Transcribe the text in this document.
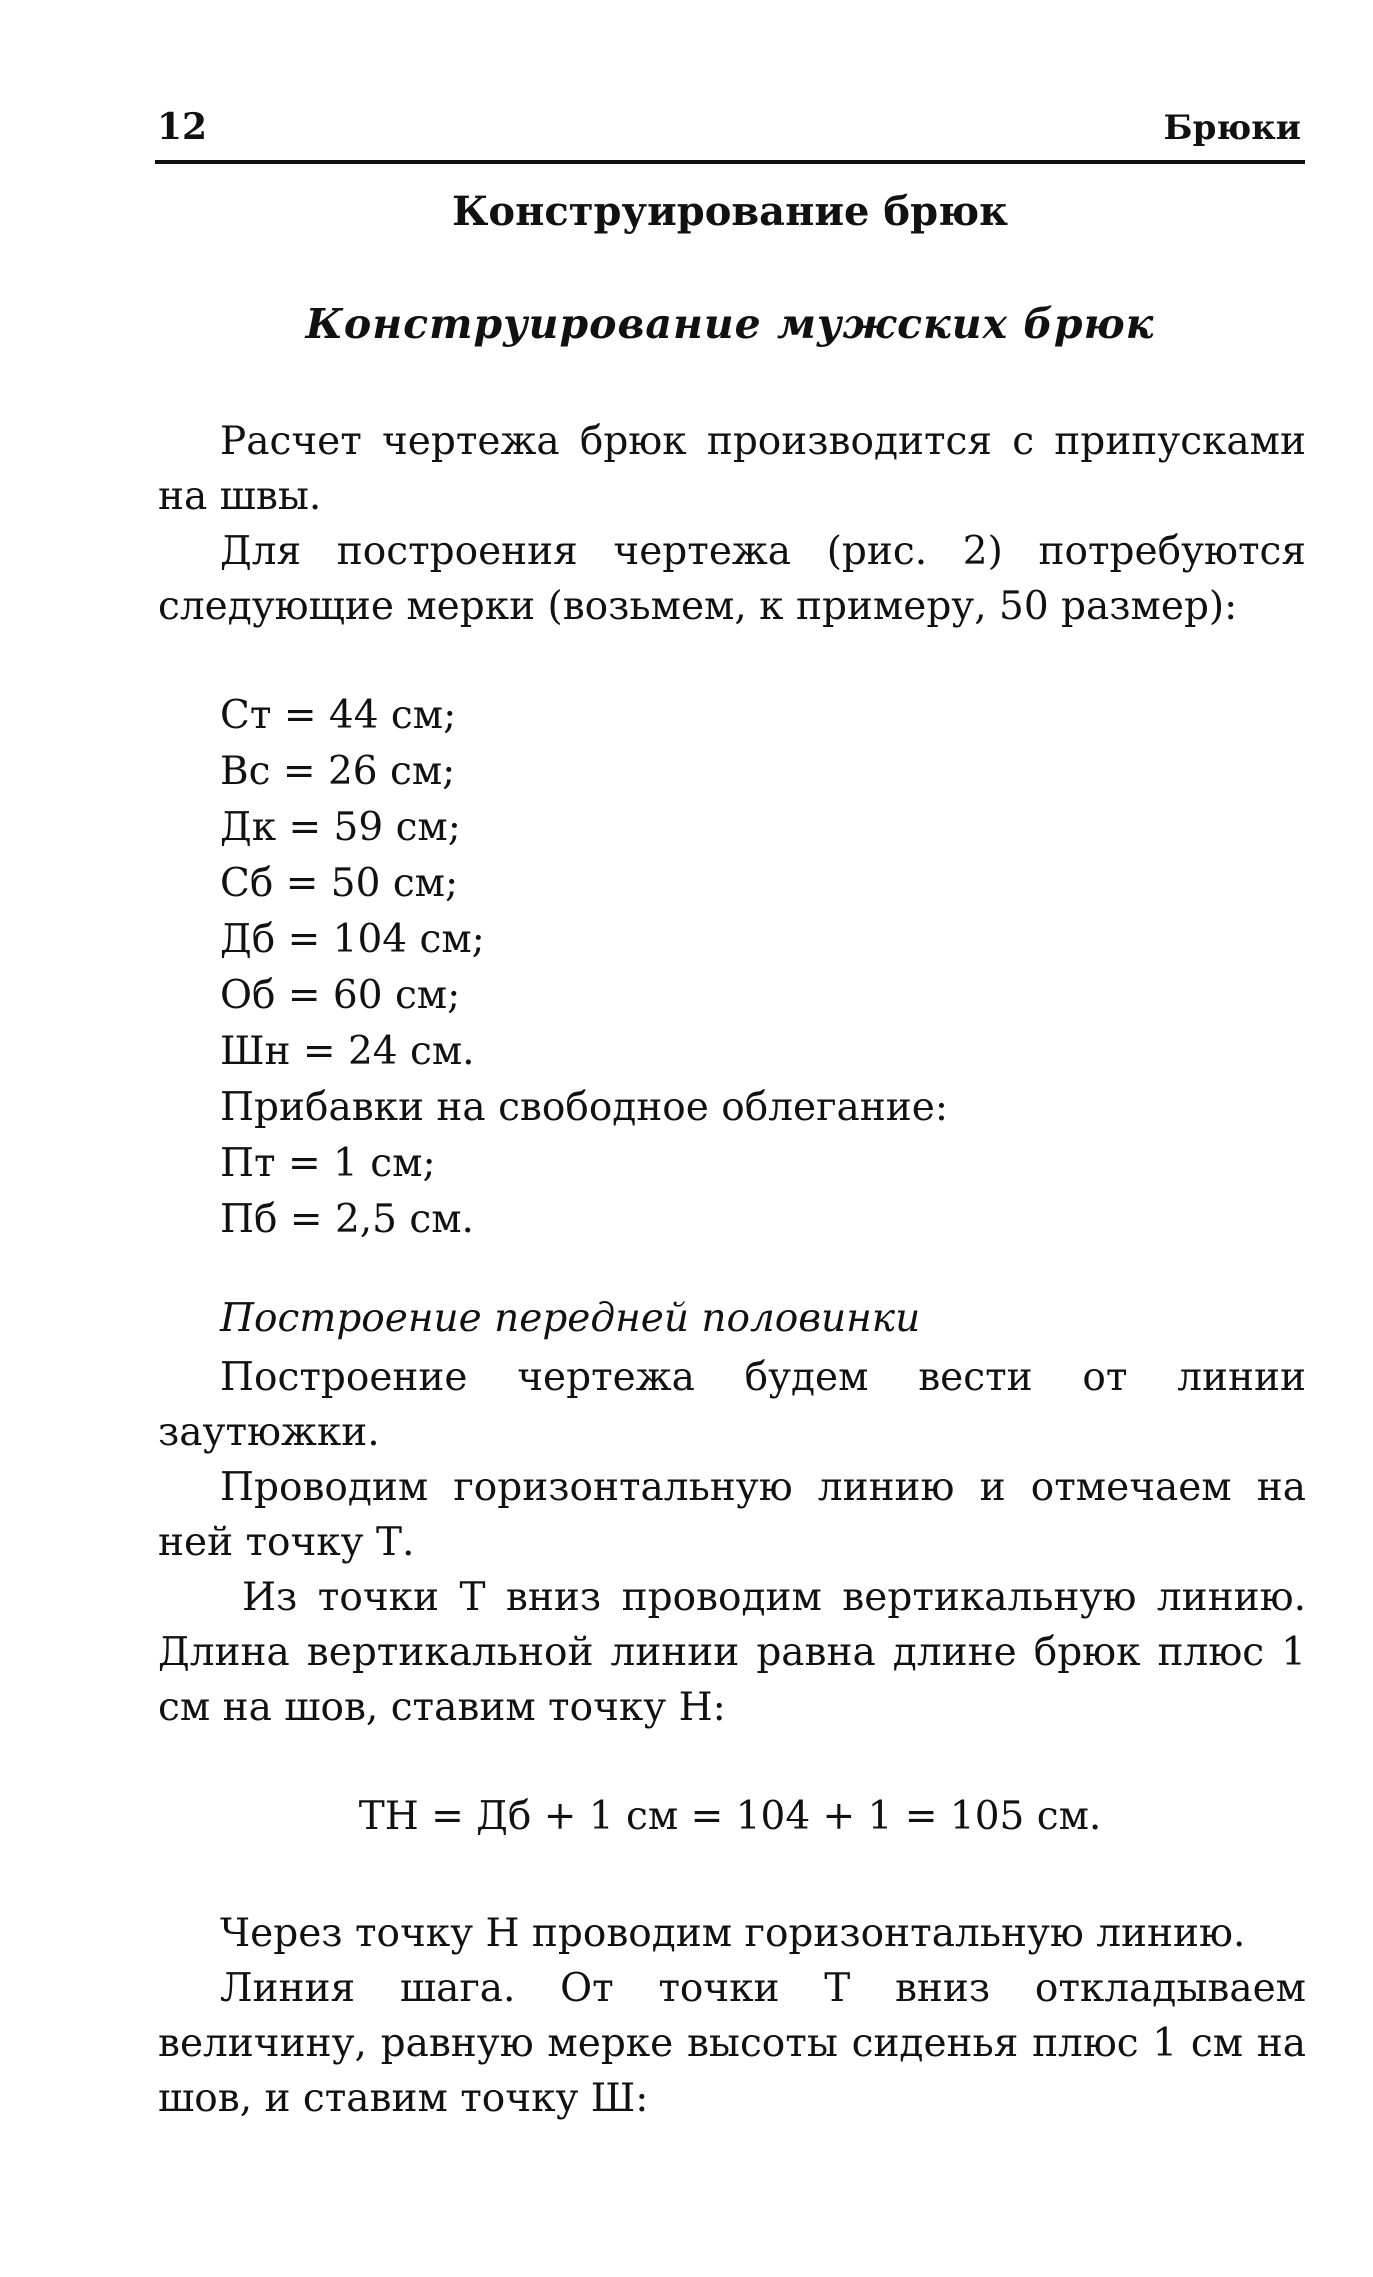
12	Брюки
Конструирование брюк
Конструирование мужских брюк

Расчет чертежа брюк производится с припусками на швы.

Для построения чертежа (рис. 2) потребуются следующие мерки (возьмем, к примеру, 50 размер):

Ст = 44 см;
Вс = 26 см;
Дк = 59 см;
Сб = 50 см;
Дб = 104 см;
Об = 60 см;
Шн = 24 см.
Прибавки на свободное облегание:
Пт = 1 см;
Пб = 2,5 см.
Построение передней половинки

Построение чертежа будем вести от линии заутюжки.

Проводим горизонтальную линию и отмечаем на ней точку Т.

Из точки Т вниз проводим вертикальную линию. Длина вертикальной линии равна длине брюк плюс 1 см на шов, ставим точку Н:

ТН = Дб + 1 см = 104 + 1 = 105 см.

Через точку Н проводим горизонтальную линию.

Линия шага. От точки Т вниз откладываем величину, равную мерке высоты сиденья плюс 1 см на шов, и ставим точку Ш:
